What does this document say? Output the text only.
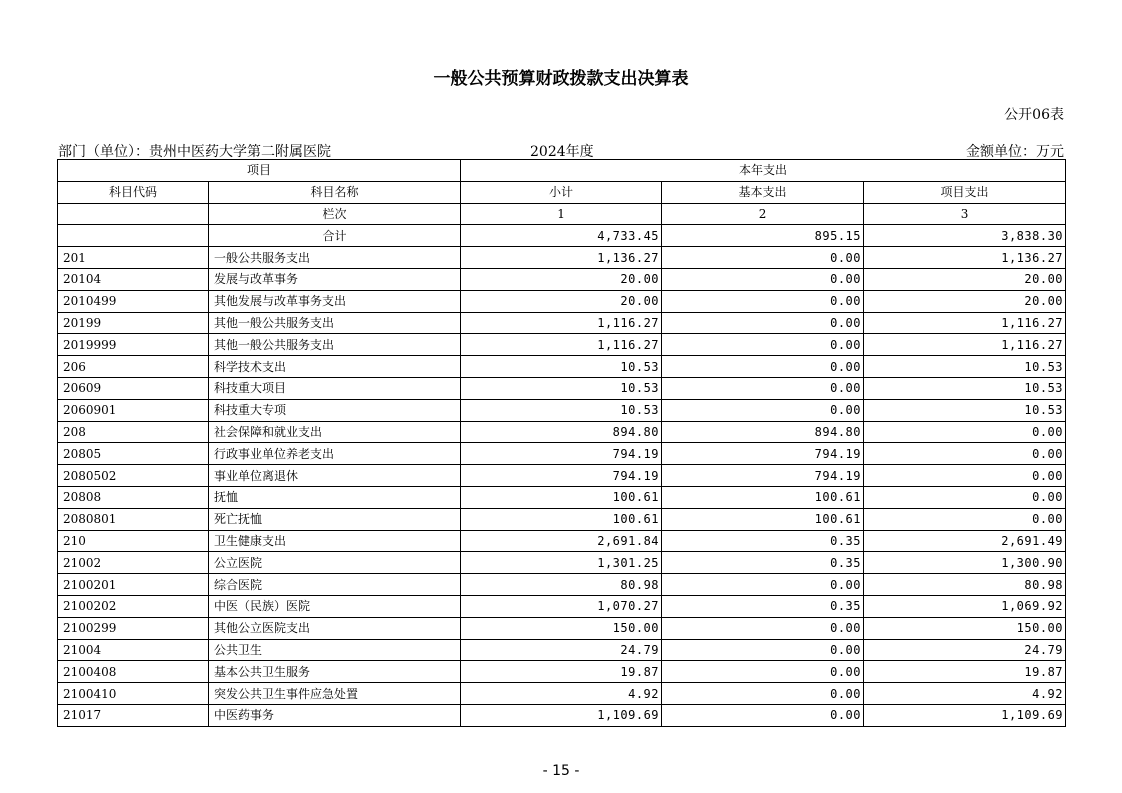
一般公共预算财政拨款支出决算表
公开06表
部门（单位）：贵州中医药大学第二附属医院	2024年度	金额单位：万元
项目		本年支出		
科目代码	科目名称	小计	基本支出	项目支出
	栏次	1	2	3
	合计	4,733.45	895.15	3,838.30
201	一般公共服务支出	1,136.27	0.00	1,136.27
20104	发展与改革事务	20.00	0.00	20.00
2010499	其他发展与改革事务支出	20.00	0.00	20.00
20199	其他一般公共服务支出	1,116.27	0.00	1,116.27
2019999	其他一般公共服务支出	1,116.27	0.00	1,116.27
206	科学技术支出	10.53	0.00	10.53
20609	科技重大项目	10.53	0.00	10.53
2060901	科技重大专项	10.53	0.00	10.53
208	社会保障和就业支出	894.80	894.80	0.00
20805	行政事业单位养老支出	794.19	794.19	0.00
2080502	事业单位离退休	794.19	794.19	0.00
20808	抚恤	100.61	100.61	0.00
2080801	死亡抚恤	100.61	100.61	0.00
210	卫生健康支出	2,691.84	0.35	2,691.49
21002	公立医院	1,301.25	0.35	1,300.90
2100201	综合医院	80.98	0.00	80.98
2100202	中医（民族）医院	1,070.27	0.35	1,069.92
2100299	其他公立医院支出	150.00	0.00	150.00
21004	公共卫生	24.79	0.00	24.79
2100408	基本公共卫生服务	19.87	0.00	19.87
2100410	突发公共卫生事件应急处置	4.92	0.00	4.92
21017	中医药事务	1,109.69	0.00	1,109.69
- 15 -
